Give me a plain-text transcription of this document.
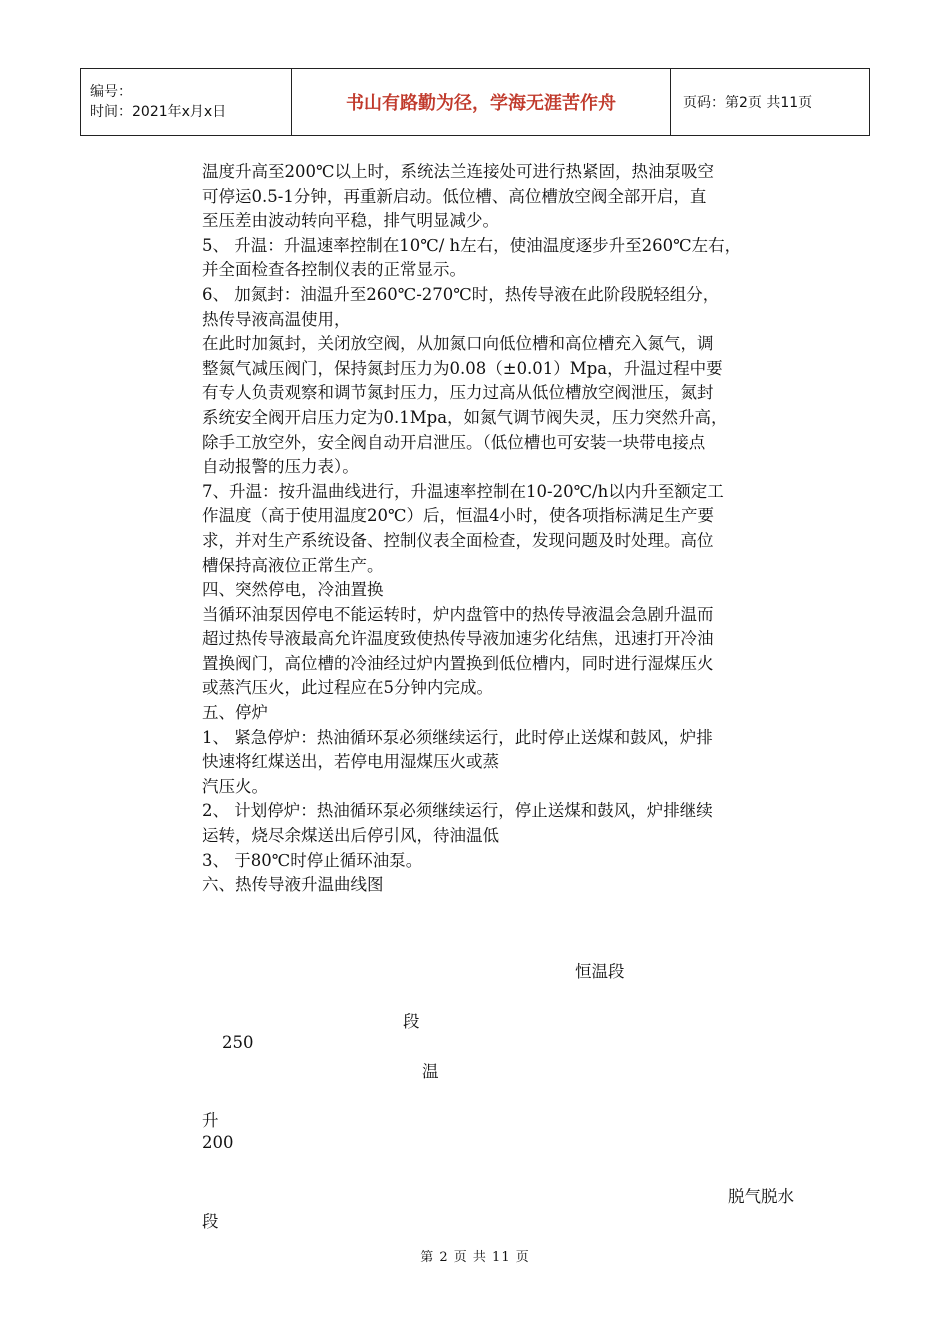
编号：
时间：2021年x月x日	书山有路勤为径，学海无涯苦作舟	页码：第2页 共11页

温度升高至200℃以上时，系统法兰连接处可进行热紧固，热油泵吸空

可停运0.5-1分钟，再重新启动。低位槽、高位槽放空阀全部开启，直

至压差由波动转向平稳，排气明显减少。

5、 升温：升温速率控制在10℃/ h左右，使油温度逐步升至260℃左右，

并全面检查各控制仪表的正常显示。

6、 加氮封：油温升至260℃-270℃时，热传导液在此阶段脱轻组分，

热传导液高温使用，

在此时加氮封，关闭放空阀，从加氮口向低位槽和高位槽充入氮气，调

整氮气减压阀门，保持氮封压力为0.08（±0.01）Mpa，升温过程中要

有专人负责观察和调节氮封压力，压力过高从低位槽放空阀泄压，氮封

系统安全阀开启压力定为0.1Mpa，如氮气调节阀失灵，压力突然升高，

除手工放空外，安全阀自动开启泄压。（低位槽也可安装一块带电接点

自动报警的压力表）。

7、升温：按升温曲线进行，升温速率控制在10-20℃/h以内升至额定工

作温度（高于使用温度20℃）后，恒温4小时，使各项指标满足生产要

求，并对生产系统设备、控制仪表全面检查，发现问题及时处理。高位

槽保持高液位正常生产。

四、突然停电，冷油置换

当循环油泵因停电不能运转时，炉内盘管中的热传导液温会急剧升温而

超过热传导液最高允许温度致使热传导液加速劣化结焦，迅速打开冷油

置换阀门，高位槽的冷油经过炉内置换到低位槽内，同时进行湿煤压火

或蒸汽压火，此过程应在5分钟内完成。

五、停炉

1、 紧急停炉：热油循环泵必须继续运行，此时停止送煤和鼓风，炉排

快速将红煤送出，若停电用湿煤压火或蒸

汽压火。

2、 计划停炉：热油循环泵必须继续运行，停止送煤和鼓风，炉排继续

运转，烧尽余煤送出后停引风，待油温低

3、 于80℃时停止循环油泵。

六、热传导液升温曲线图

恒温段
段
250
温
升
200
脱气脱水
段
第 2 页 共 11 页
